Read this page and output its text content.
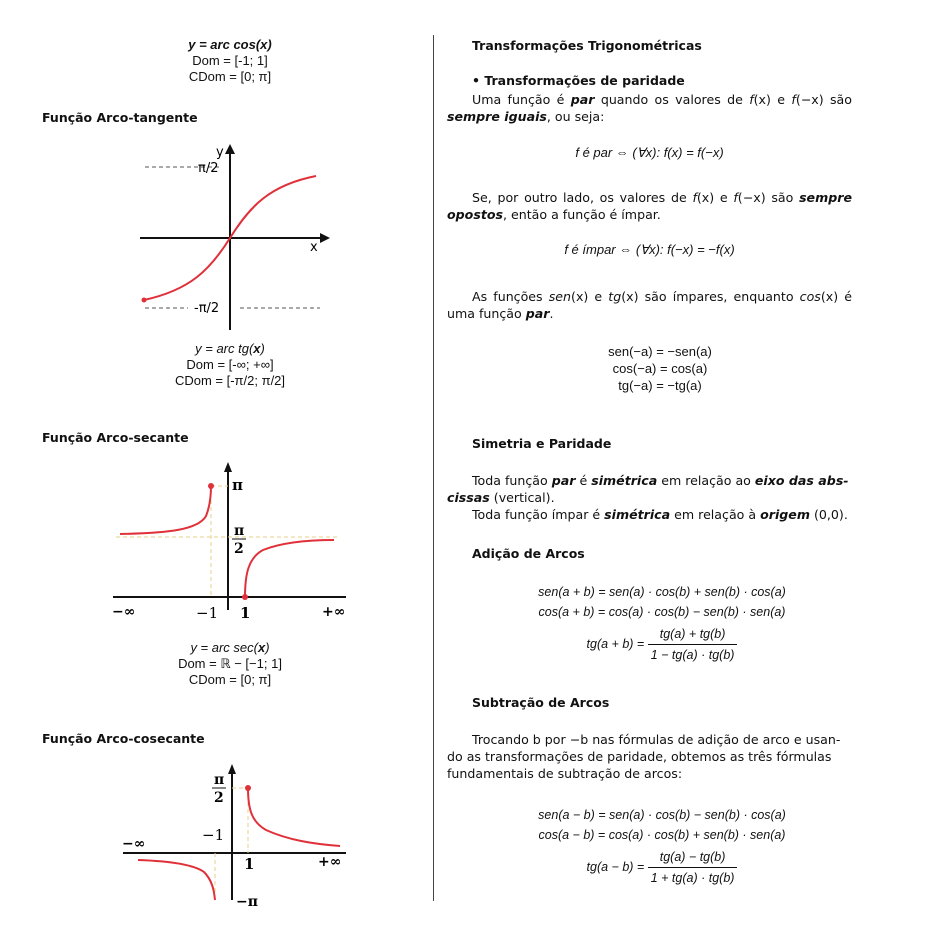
y = arc cos(x)
Dom = [-1; 1]
CDom = [0; π]
Função Arco-tangente
y
x
π/2
-π/2
y = arc tg(x)
Dom = [-∞; +∞]
CDom = [-π/2; π/2]
Função Arco-secante
π
π
2
−∞	−1 1	+∞
y = arc sec(x)
Dom = ℝ − [−1; 1]
CDom = [0; π]
Função Arco-cosecante
π
2
−∞	−1
1	+∞
−π
Transformações Trigonométricas
• Transformações de paridade
Uma função é par quando os valores de f(x) e f(−x) são sempre iguais, ou seja:
f é par ⇔ (∀x): f(x) = f(−x)
Se, por outro lado, os valores de f(x) e f(−x) são sempre opostos, então a função é ímpar.
f é ímpar ⇔ (∀x): f(−x) = −f(x)
As funções sen(x) e tg(x) são ímpares, enquanto cos(x) é uma função par.
sen(−a) = −sen(a)
cos(−a) = cos(a)
tg(−a) = −tg(a)
Simetria e Paridade
Toda função par é simétrica em relação ao eixo das abs-
cissas (vertical).
Toda função ímpar é simétrica em relação à origem (0,0).
Adição de Arcos
sen(a + b) = sen(a) · cos(b) + sen(b) · cos(a)
cos(a + b) = cos(a) · cos(b) − sen(b) · sen(a)
$tg(a + b) = \frac{tg(a) + tg(b)}{1 - tg(a) \cdot tg(b)}$
Subtração de Arcos
Trocando b por −b nas fórmulas de adição de arco e usan-
do as transformações de paridade, obtemos as três fórmulas
fundamentais de subtração de arcos:
sen(a − b) = sen(a) · cos(b) − sen(b) · cos(a)
cos(a − b) = cos(a) · cos(b) + sen(b) · sen(a)
$tg(a - b) = \frac{tg(a) - tg(b)}{1 + tg(a) \cdot tg(b)}$
